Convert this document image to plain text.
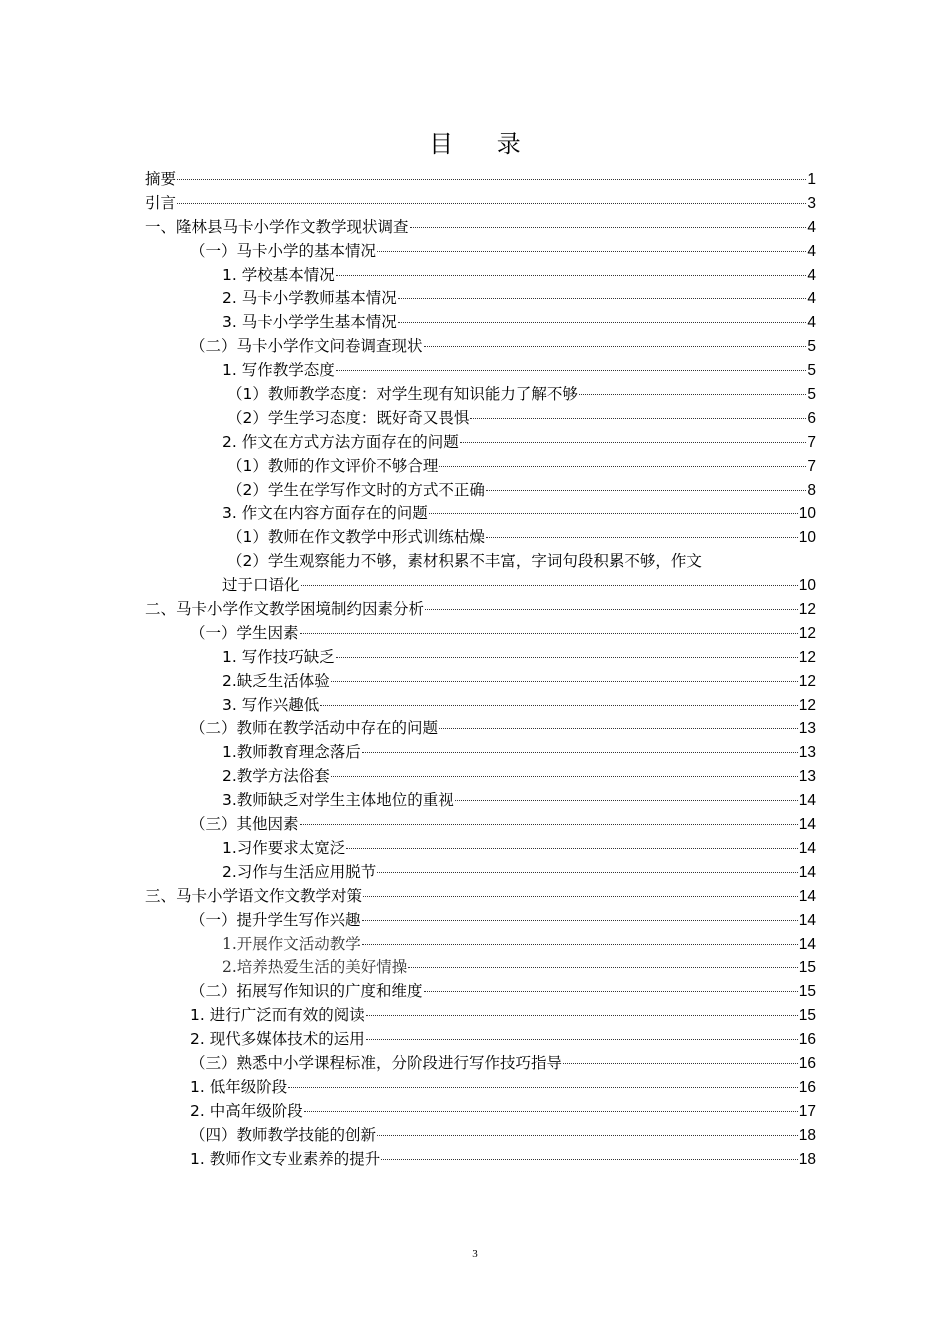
目 录
摘要	1
引言	3
一、隆林县马卡小学作文教学现状调查	4
（一）马卡小学的基本情况	4
1. 学校基本情况	4
2. 马卡小学教师基本情况	4
3. 马卡小学学生基本情况	4
（二）马卡小学作文问卷调查现状	5
1. 写作教学态度	5
（1）教师教学态度：对学生现有知识能力了解不够	5
（2）学生学习态度：既好奇又畏惧	6
2. 作文在方式方法方面存在的问题	7
（1）教师的作文评价不够合理	7
（2）学生在学写作文时的方式不正确	8
3. 作文在内容方面存在的问题	10
（1）教师在作文教学中形式训练枯燥	10
（2）学生观察能力不够，素材积累不丰富，字词句段积累不够，作文
过于口语化	10
二、马卡小学作文教学困境制约因素分析	12
（一）学生因素	12
1. 写作技巧缺乏	12
2.缺乏生活体验	12
3. 写作兴趣低	12
（二）教师在教学活动中存在的问题	13
1.教师教育理念落后	13
2.教学方法俗套	13
3.教师缺乏对学生主体地位的重视	14
（三）其他因素	14
1.习作要求太宽泛	14
2.习作与生活应用脱节	14
三、马卡小学语文作文教学对策	14
（一）提升学生写作兴趣	14
1.开展作文活动教学	14
2.培养热爱生活的美好情操	15
（二）拓展写作知识的广度和维度	15
1. 进行广泛而有效的阅读	15
2. 现代多媒体技术的运用	16
（三）熟悉中小学课程标准，分阶段进行写作技巧指导	16
1. 低年级阶段	16
2. 中高年级阶段	17
（四）教师教学技能的创新	18
1. 教师作文专业素养的提升	18
3
